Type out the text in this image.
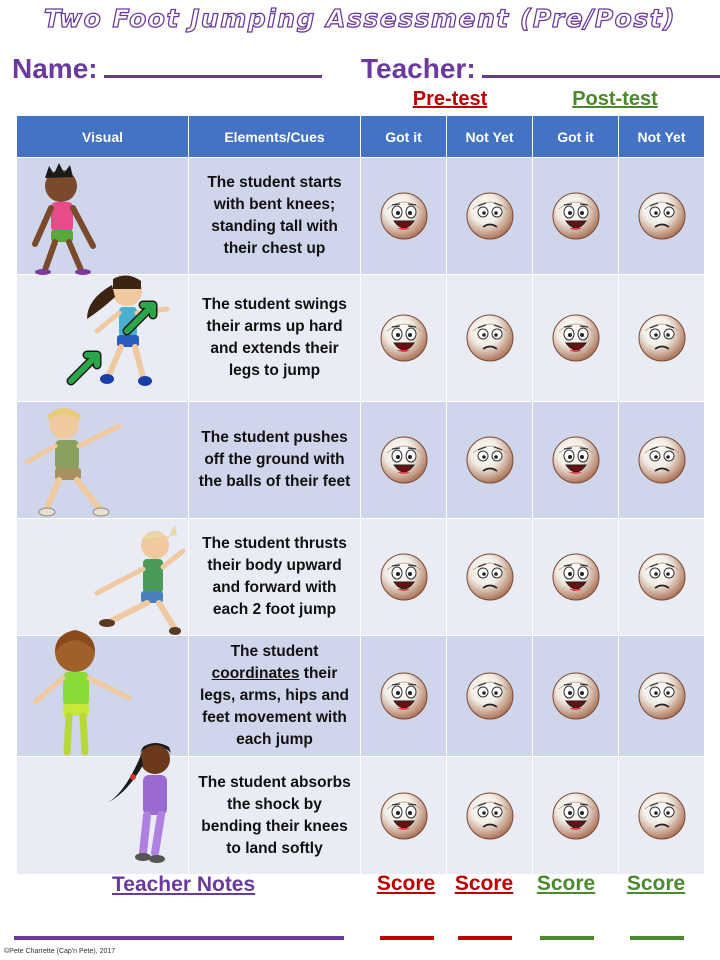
Two Foot Jumping Assessment (Pre/Post)
Name:	Teacher:
Pre-test	Post-test
Visual	Elements/Cues	Got it	Not Yet	Got it	Not Yet

	The student starts with bent knees; standing tall with their chest up	

	The student swings their arms up hard and extends their legs to jump	

	The student pushes off the ground with the balls of their feet	

	The student thrusts their body upward and forward with each 2 foot jump	

	The student coordinates their legs, arms, hips and feet movement with each jump	

	The student absorbs the shock by bending their knees to land softly	

Teacher Notes	Score Score Score Score
©Pete Charrette (Cap'n Pete), 2017
